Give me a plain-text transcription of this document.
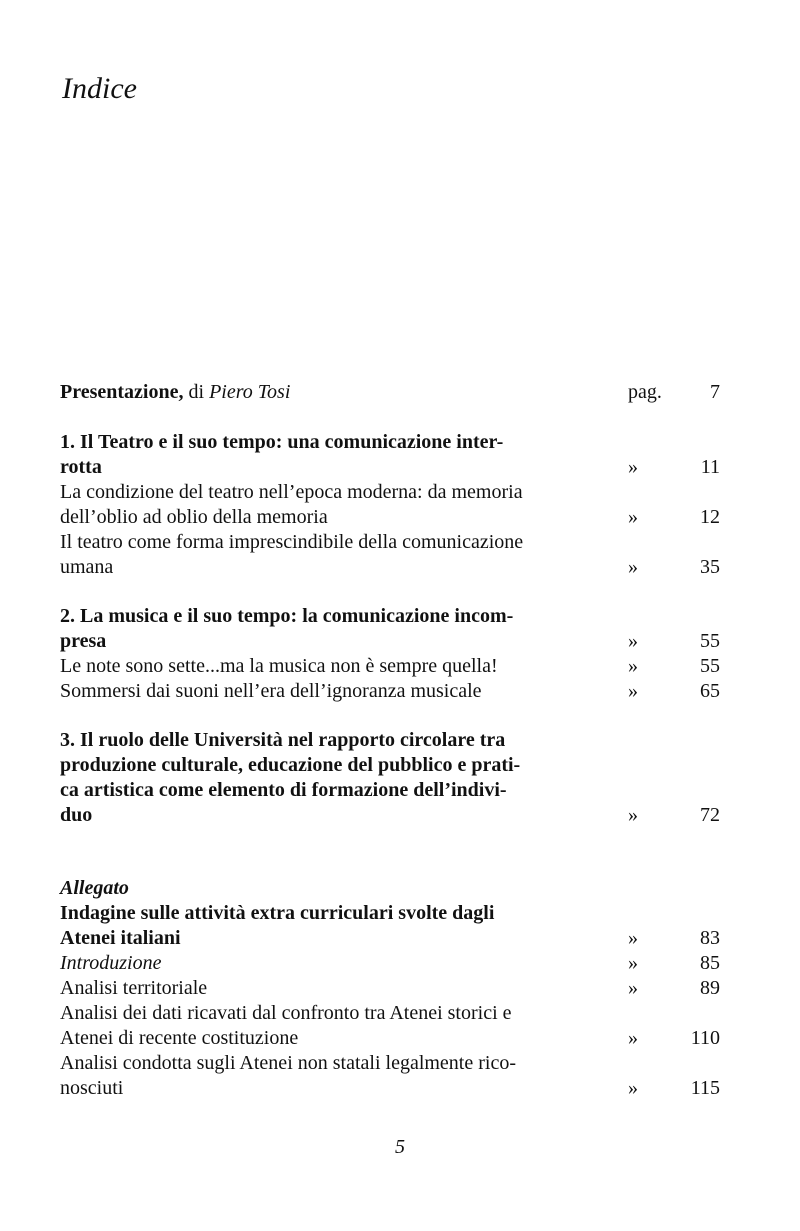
Indice
Presentazione, di Piero Tosi	pag. 7
1. Il Teatro e il suo tempo: una comunicazione inter-
rotta	»	11
La condizione del teatro nell’epoca moderna: da memoria
dell’oblio ad oblio della memoria	»	12
Il teatro come forma imprescindibile della comunicazione
umana	»	35
2. La musica e il suo tempo: la comunicazione incom-
presa	»	55
Le note sono sette...ma la musica non è sempre quella!	»	55
Sommersi dai suoni nell’era dell’ignoranza musicale	»	65
3. Il ruolo delle Università nel rapporto circolare tra
produzione culturale, educazione del pubblico e prati-
ca artistica come elemento di formazione dell’indivi-
duo	»	72
Allegato
Indagine sulle attività extra curriculari svolte dagli
Atenei italiani	»	83
Introduzione	»	85
Analisi territoriale	»	89
Analisi dei dati ricavati dal confronto tra Atenei storici e
Atenei di recente costituzione	»	110
Analisi condotta sugli Atenei non statali legalmente rico-
nosciuti	»	115
5
